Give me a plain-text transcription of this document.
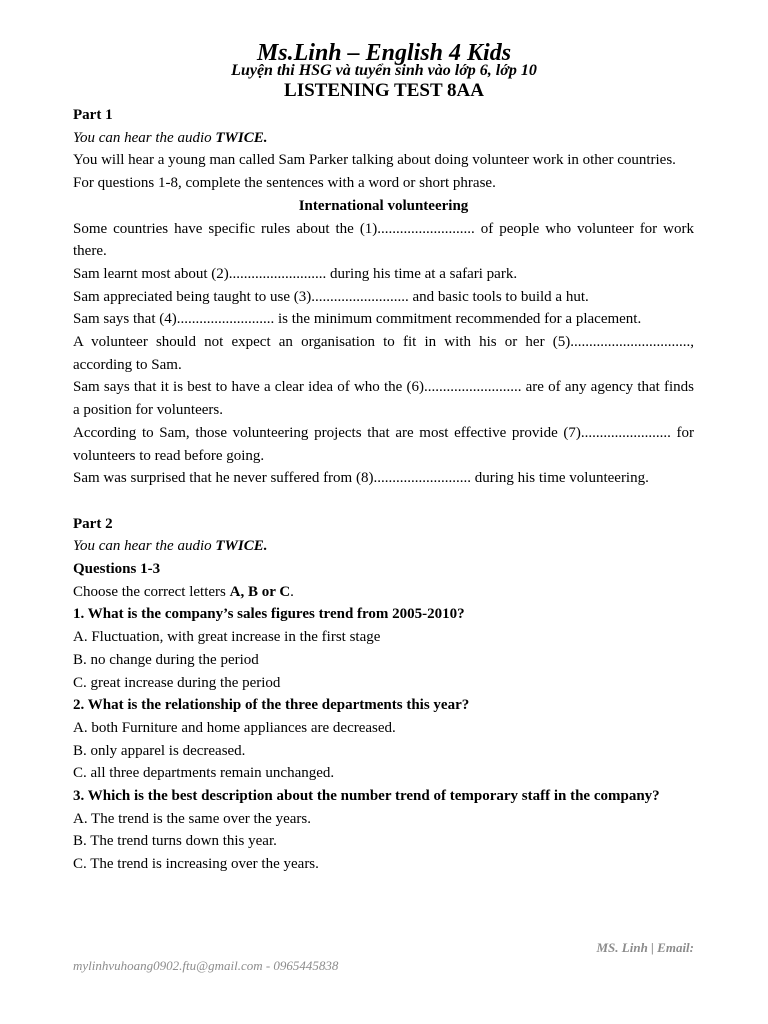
Ms.Linh – English 4 Kids
Luyện thi HSG và tuyển sinh vào lớp 6, lớp 10
LISTENING TEST 8AA

Part 1

You can hear the audio TWICE.

You will hear a young man called Sam Parker talking about doing volunteer work in other countries.

For questions 1-8, complete the sentences with a word or short phrase.

International volunteering

Some countries have specific rules about the (1).......................... of people who volunteer for work there.

Sam learnt most about (2).......................... during his time at a safari park.

Sam appreciated being taught to use (3).......................... and basic tools to build a hut.

Sam says that (4).......................... is the minimum commitment recommended for a placement.

A volunteer should not expect an organisation to fit in with his or her (5)................................, according to Sam.

Sam says that it is best to have a clear idea of who the (6).......................... are of any agency that finds a position for volunteers.

According to Sam, those volunteering projects that are most effective provide (7)........................ for volunteers to read before going.

Sam was surprised that he never suffered from (8).......................... during his time volunteering.

Part 2

You can hear the audio TWICE.

Questions 1-3

Choose the correct letters A, B or C.

1. What is the company’s sales figures trend from 2005-2010?

A. Fluctuation, with great increase in the first stage

B. no change during the period

C. great increase during the period

2. What is the relationship of the three departments this year?

A. both Furniture and home appliances are decreased.

B. only apparel is decreased.

C. all three departments remain unchanged.

3. Which is the best description about the number trend of temporary staff in the company?

A. The trend is the same over the years.

B. The trend turns down this year.

C. The trend is increasing over the years.

MS. Linh | Email:
mylinhvuhoang0902.ftu@gmail.com - 0965445838
